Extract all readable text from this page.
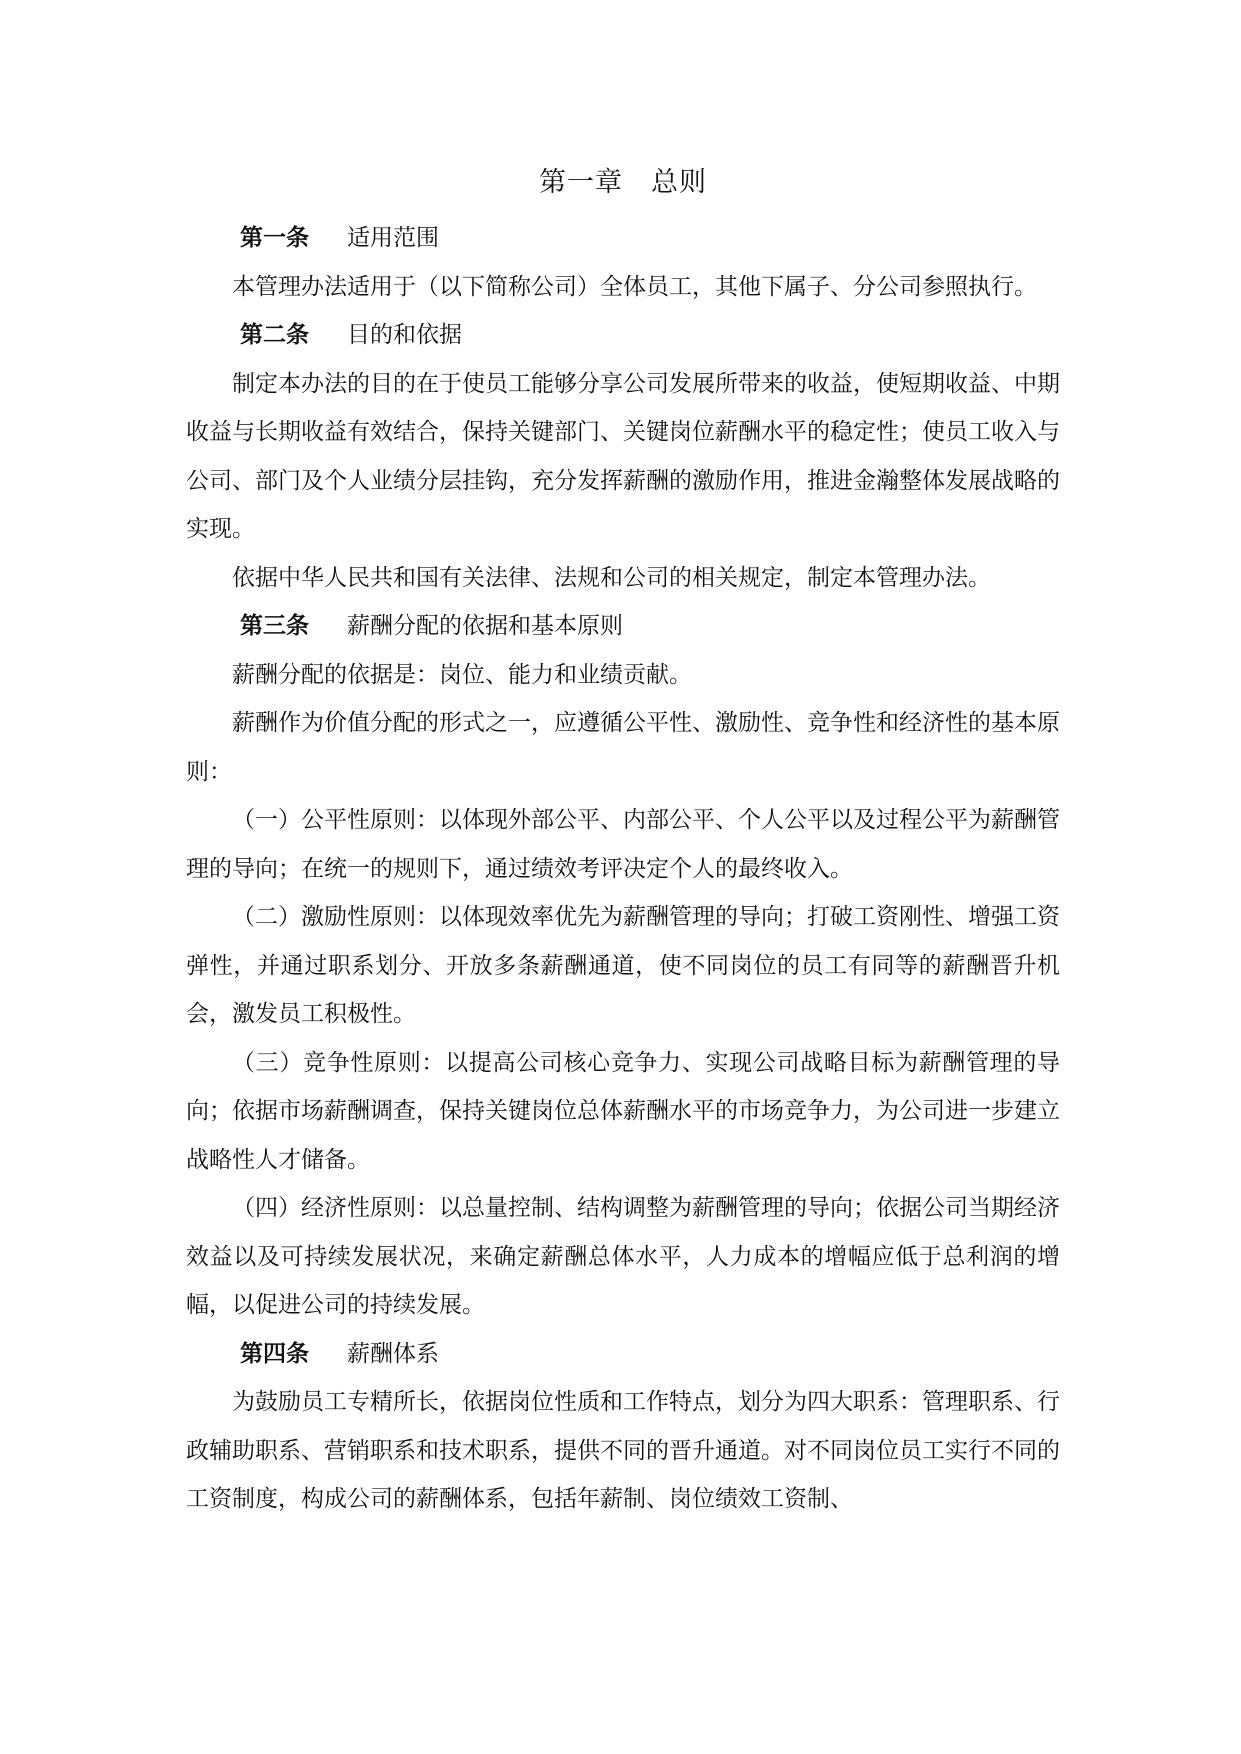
第一章 总则
第一条 适用范围

本管理办法适用于（以下简称公司）全体员工，其他下属子、分公司参照执行。

第二条 目的和依据

制定本办法的目的在于使员工能够分享公司发展所带来的收益，使短期收益、中期收益与长期收益有效结合，保持关键部门、关键岗位薪酬水平的稳定性；使员工收入与公司、部门及个人业绩分层挂钩，充分发挥薪酬的激励作用，推进金瀚整体发展战略的实现。

依据中华人民共和国有关法律、法规和公司的相关规定，制定本管理办法。

第三条 薪酬分配的依据和基本原则

薪酬分配的依据是：岗位、能力和业绩贡献。

薪酬作为价值分配的形式之一，应遵循公平性、激励性、竞争性和经济性的基本原则：

（一）公平性原则：以体现外部公平、内部公平、个人公平以及过程公平为薪酬管理的导向；在统一的规则下，通过绩效考评决定个人的最终收入。

（二）激励性原则：以体现效率优先为薪酬管理的导向；打破工资刚性、增强工资弹性，并通过职系划分、开放多条薪酬通道，使不同岗位的员工有同等的薪酬晋升机会，激发员工积极性。

（三）竞争性原则：以提高公司核心竞争力、实现公司战略目标为薪酬管理的导向；依据市场薪酬调查，保持关键岗位总体薪酬水平的市场竞争力，为公司进一步建立战略性人才储备。

（四）经济性原则：以总量控制、结构调整为薪酬管理的导向；依据公司当期经济效益以及可持续发展状况，来确定薪酬总体水平，人力成本的增幅应低于总利润的增幅，以促进公司的持续发展。

第四条 薪酬体系

为鼓励员工专精所长，依据岗位性质和工作特点，划分为四大职系：管理职系、行政辅助职系、营销职系和技术职系，提供不同的晋升通道。对不同岗位员工实行不同的工资制度，构成公司的薪酬体系，包括年薪制、岗位绩效工资制、
